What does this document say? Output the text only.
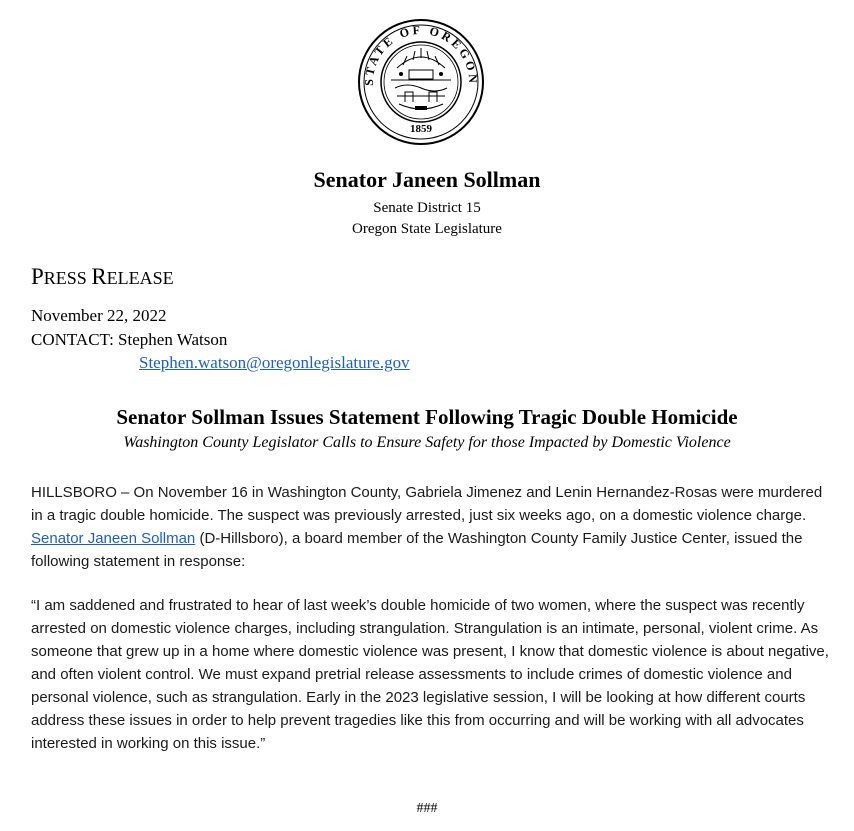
STATE OF OREGON
1859
Senator Janeen Sollman
Senate District 15
Oregon State Legislature
PRESS RELEASE
November 22, 2022
CONTACT: Stephen Watson
Stephen.watson@oregonlegislature.gov
Senator Sollman Issues Statement Following Tragic Double Homicide
Washington County Legislator Calls to Ensure Safety for those Impacted by Domestic Violence
HILLSBORO – On November 16 in Washington County, Gabriela Jimenez and Lenin Hernandez-Rosas were murdered in a tragic double homicide. The suspect was previously arrested, just six weeks ago, on a domestic violence charge. Senator Janeen Sollman (D-Hillsboro), a board member of the Washington County Family Justice Center, issued the following statement in response:
“I am saddened and frustrated to hear of last week’s double homicide of two women, where the suspect was recently arrested on domestic violence charges, including strangulation. Strangulation is an intimate, personal, violent crime. As someone that grew up in a home where domestic violence was present, I know that domestic violence is about negative, and often violent control. We must expand pretrial release assessments to include crimes of domestic violence and personal violence, such as strangulation. Early in the 2023 legislative session, I will be looking at how different courts address these issues in order to help prevent tragedies like this from occurring and will be working with all advocates interested in working on this issue.”
###
